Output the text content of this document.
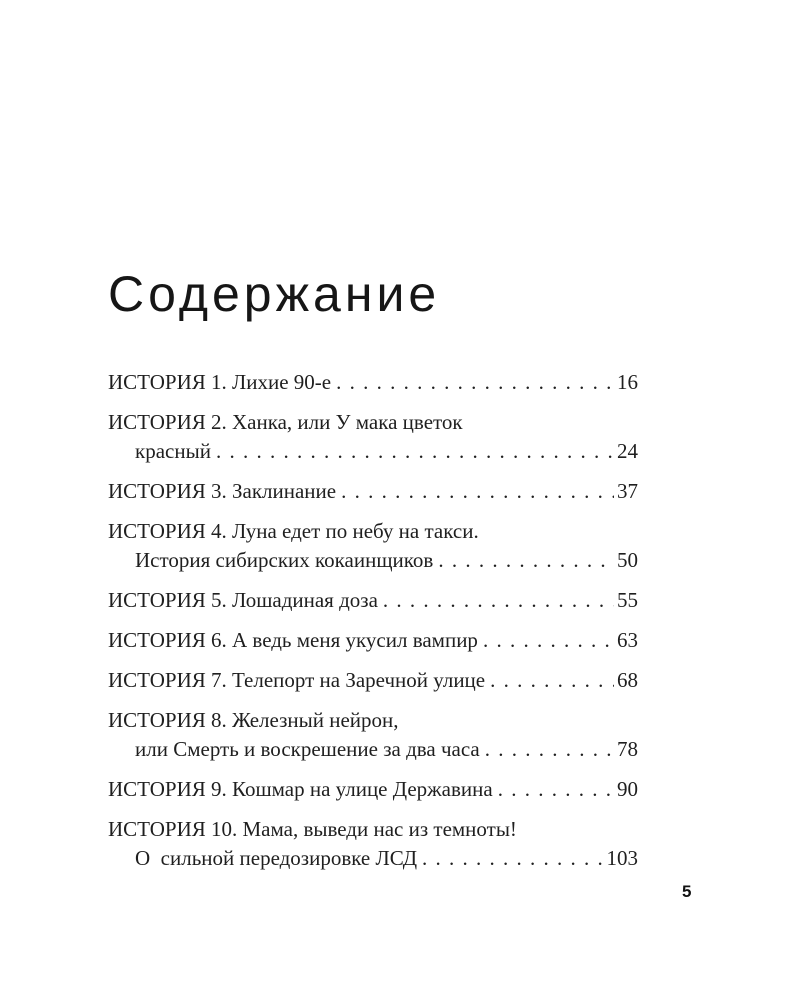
Содержание
ИСТОРИЯ 1. Лихие 90-е . . .	16
ИСТОРИЯ 2. Ханка, или У мака цветок
красный . . .	24
ИСТОРИЯ 3. Заклинание . . .	37
ИСТОРИЯ 4. Луна едет по небу на такси.
История сибирских кокаинщиков . . .	50
ИСТОРИЯ 5. Лошадиная доза . . .	55
ИСТОРИЯ 6. А ведь меня укусил вампир . . .	63
ИСТОРИЯ 7. Телепорт на Заречной улице . . .	68
ИСТОРИЯ 8. Железный нейрон,
или Смерть и воскрешение за два часа . . .	78
ИСТОРИЯ 9. Кошмар на улице Державина . . .	90
ИСТОРИЯ 10. Мама, выведи нас из темноты!
О  сильной передозировке ЛСД . . .	103
5
